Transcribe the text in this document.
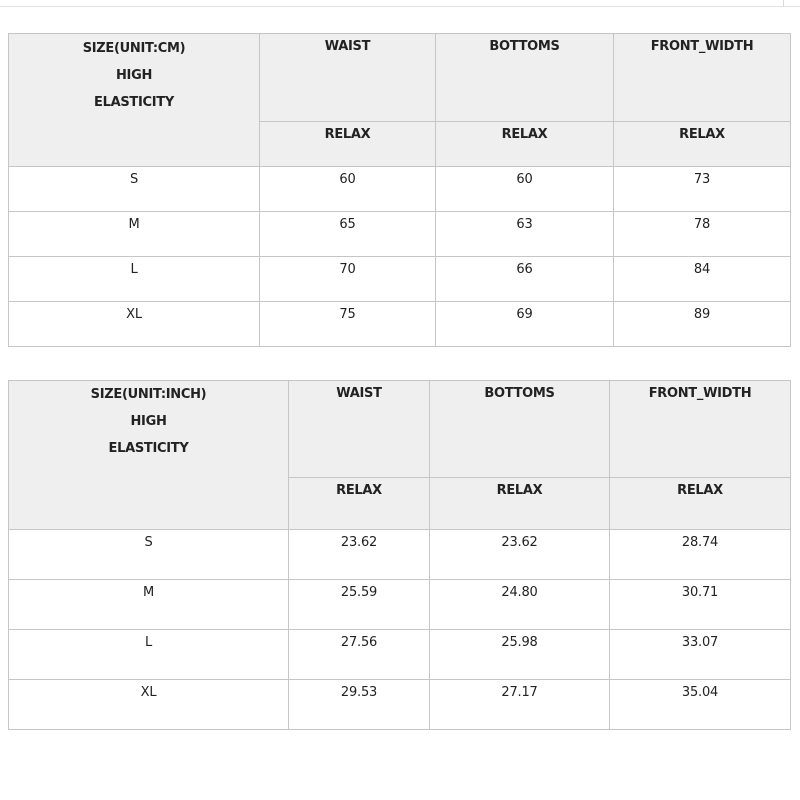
SIZE(UNIT:CM)
HIGH
ELASTICITY	WAIST	BOTTOMS	FRONT_WIDTH

	RELAX	RELAX	RELAX

S	60	60	73

M	65	63	78

L	70	66	84

XL	75	69	89
SIZE(UNIT:INCH)
HIGH
ELASTICITY	WAIST	BOTTOMS	FRONT_WIDTH

	RELAX	RELAX	RELAX

S	23.62	23.62	28.74

M	25.59	24.80	30.71

L	27.56	25.98	33.07

XL	29.53	27.17	35.04
